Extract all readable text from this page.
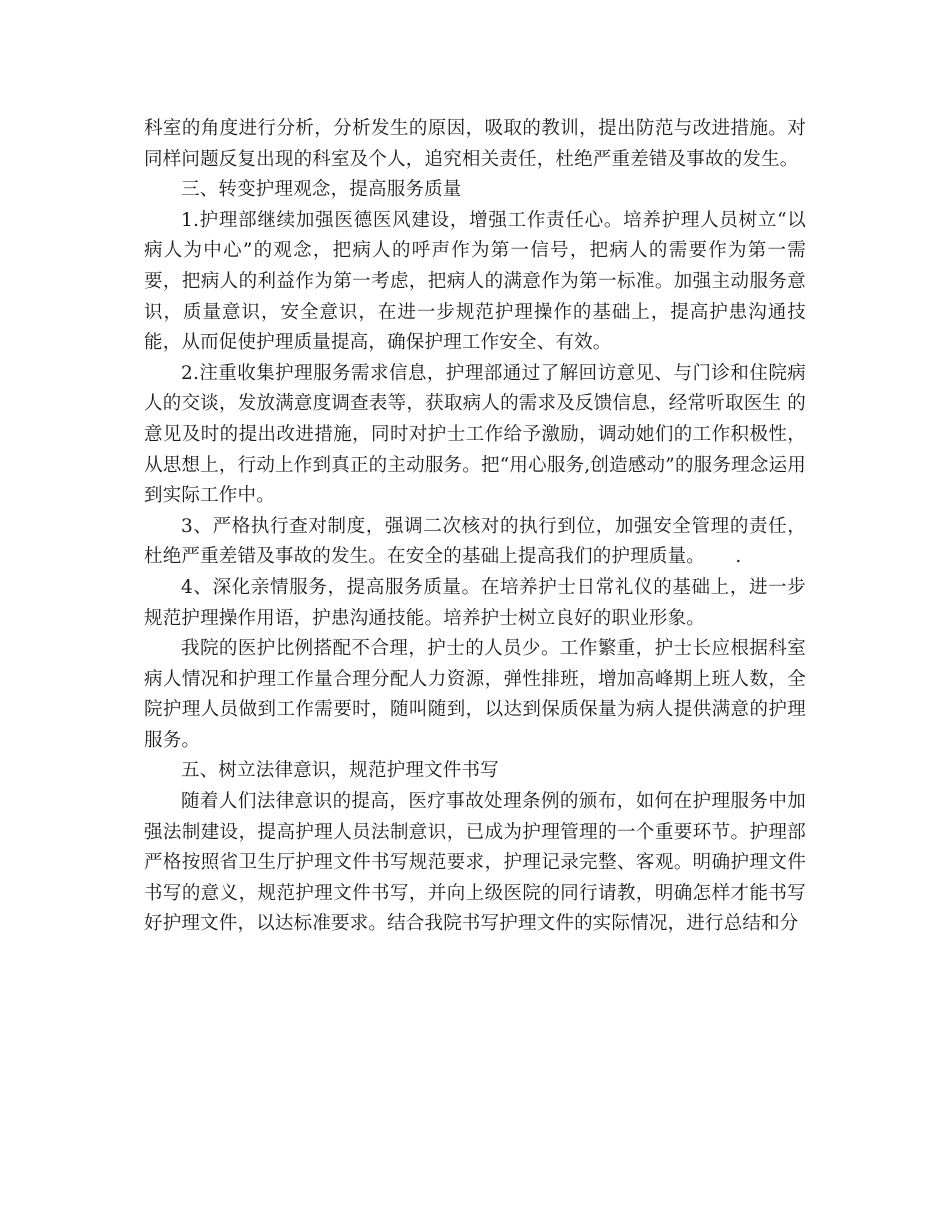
科室的角度进行分析，分析发生的原因，吸取的教训，提出防范与改进措施。对同样问题反复出现的科室及个人，追究相关责任，杜绝严重差错及事故的发生。

三、转变护理观念，提高服务质量

1.护理部继续加强医德医风建设，增强工作责任心。培养护理人员树立“以病人为中心”的观念，把病人的呼声作为第一信号，把病人的需要作为第一需要，把病人的利益作为第一考虑，把病人的满意作为第一标准。加强主动服务意识，质量意识，安全意识，在进一步规范护理操作的基础上，提高护患沟通技能，从而促使护理质量提高，确保护理工作安全、有效。

2.注重收集护理服务需求信息，护理部通过了解回访意见、与门诊和住院病人的交谈，发放满意度调查表等，获取病人的需求及反馈信息，经常听取医生 的意见及时的提出改进措施，同时对护士工作给予激励，调动她们的工作积极性，从思想上，行动上作到真正的主动服务。把“用心服务,创造感动”的服务理念运用到实际工作中。

3、严格执行查对制度，强调二次核对的执行到位，加强安全管理的责任，杜绝严重差错及事故的发生。在安全的基础上提高我们的护理质量。     .

4、深化亲情服务，提高服务质量。在培养护士日常礼仪的基础上，进一步规范护理操作用语，护患沟通技能。培养护士树立良好的职业形象。

我院的医护比例搭配不合理，护士的人员少。工作繁重，护士长应根据科室病人情况和护理工作量合理分配人力资源，弹性排班，增加高峰期上班人数，全院护理人员做到工作需要时，随叫随到，以达到保质保量为病人提供满意的护理服务。

五、树立法律意识，规范护理文件书写

随着人们法律意识的提高，医疗事故处理条例的颁布，如何在护理服务中加强法制建设，提高护理人员法制意识，已成为护理管理的一个重要环节。护理部严格按照省卫生厅护理文件书写规范要求，护理记录完整、客观。明确护理文件书写的意义，规范护理文件书写，并向上级医院的同行请教，明确怎样才能书写好护理文件，以达标准要求。结合我院书写护理文件的实际情况，进行总结和分
